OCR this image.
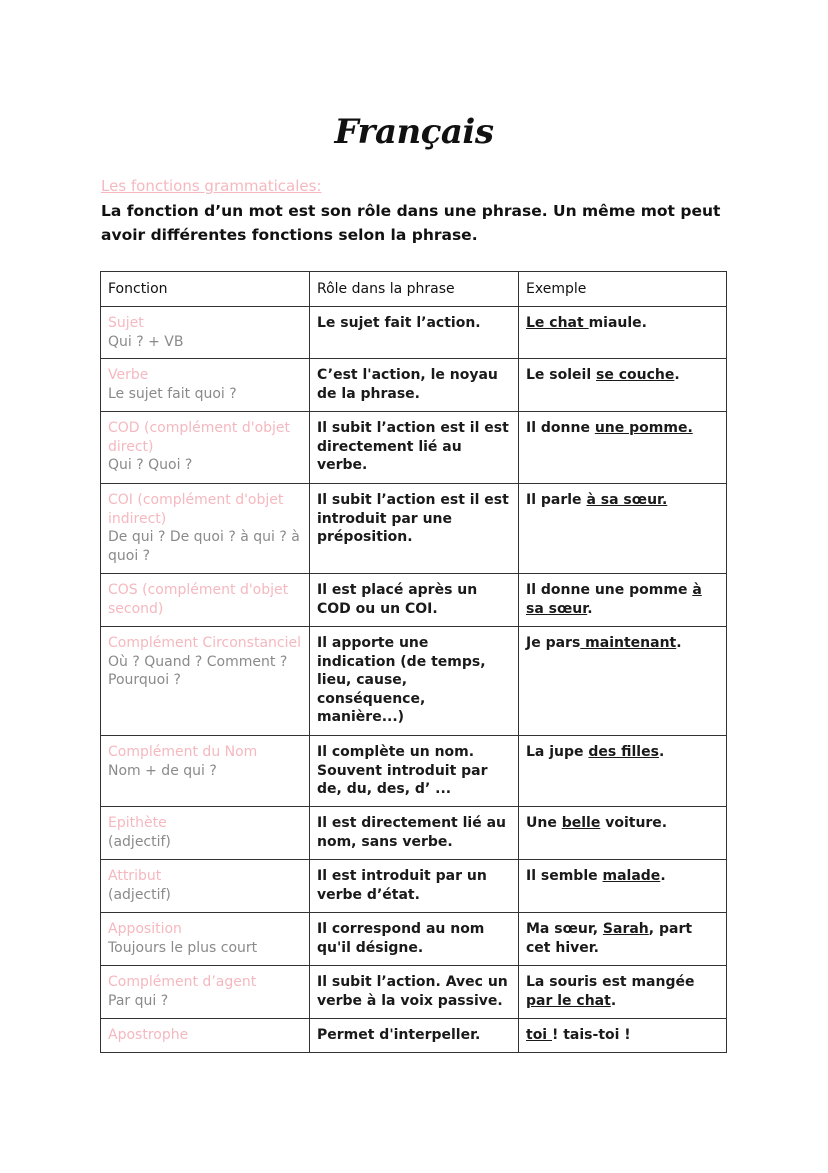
Français
Les fonctions grammaticales:
La fonction d’un mot est son rôle dans une phrase. Un même mot peut avoir différentes fonctions selon la phrase.
Fonction	Rôle dans la phrase	Exemple

Sujet
Qui ? + VB	Le sujet fait l’action.	Le chat miaule.

Verbe
Le sujet fait quoi ?	C’est l'action, le noyau de la phrase.	Le soleil se couche.

COD (complément d'objet direct)
Qui ? Quoi ?	Il subit l’action est il est directement lié au verbe.	Il donne une pomme.

COI (complément d'objet indirect)
De qui ? De quoi ? à qui ? à quoi ?	Il subit l’action est il est introduit par une préposition.	Il parle à sa sœur.

COS (complément d'objet second)	Il est placé après un COD ou un COI.	Il donne une pomme à sa sœur.

Complément Circonstanciel
Où ? Quand ? Comment ? Pourquoi ?	Il apporte une indication (de temps, lieu, cause, conséquence, manière...)	Je pars maintenant.

Complément du Nom
Nom + de qui ?	Il complète un nom. Souvent introduit par de, du, des, d’ ...	La jupe des filles.

Epithète
(adjectif)	Il est directement lié au nom, sans verbe.	Une belle voiture.

Attribut
(adjectif)	Il est introduit par un verbe d’état.	Il semble malade.

Apposition
Toujours le plus court	Il correspond au nom qu'il désigne.	Ma sœur, Sarah, part cet hiver.

Complément d’agent
Par qui ?	Il subit l’action. Avec un verbe à la voix passive.	La souris est mangée par le chat.

Apostrophe	Permet d'interpeller.	toi ! tais-toi !
